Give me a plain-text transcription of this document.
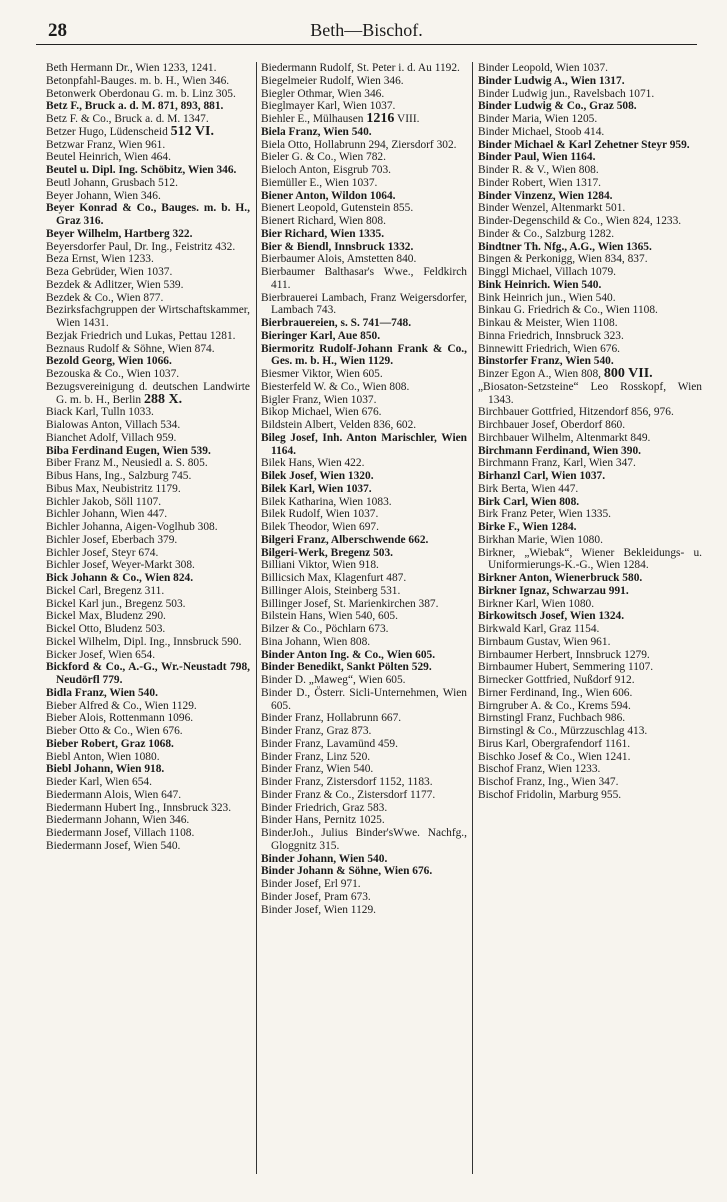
28	Beth—Bischof.
Beth Hermann Dr., Wien 1233, 1241.
Betonpfahl-Bauges. m. b. H., Wien 346.
Betonwerk Oberdonau G. m. b. Linz 305.
Betz F., Bruck a. d. M. 871, 893, 881.
Betz F. & Co., Bruck a. d. M. 1347.
Betzer Hugo, Lüdenscheid 512 VI.
Betzwar Franz, Wien 961.
Beutel Heinrich, Wien 464.
Beutel u. Dipl. Ing. Schöbitz, Wien 346.
Beutl Johann, Grusbach 512.
Beyer Johann, Wien 346.
Beyer Konrad & Co., Bauges. m. b. H., Graz 316.
Beyer Wilhelm, Hartberg 322.
Beyersdorfer Paul, Dr. Ing., Feistritz 432.
Beza Ernst, Wien 1233.
Beza Gebrüder, Wien 1037.
Bezdek & Adlitzer, Wien 539.
Bezdek & Co., Wien 877.
Bezirksfachgruppen der Wirtschaftskammer, Wien 1431.
Bezjak Friedrich und Lukas, Pettau 1281.
Beznaus Rudolf & Söhne, Wien 874.
Bezold Georg, Wien 1066.
Bezouska & Co., Wien 1037.
Bezugsvereinigung d. deutschen Landwirte G. m. b. H., Berlin 288 X.
Biack Karl, Tulln 1033.
Bialowas Anton, Villach 534.
Bianchet Adolf, Villach 959.
Biba Ferdinand Eugen, Wien 539.
Biber Franz M., Neusiedl a. S. 805.
Bibus Hans, Ing., Salzburg 745.
Bibus Max, Neubistritz 1179.
Bichler Jakob, Söll 1107.
Bichler Johann, Wien 447.
Bichler Johanna, Aigen-Voglhub 308.
Bichler Josef, Eberbach 379.
Bichler Josef, Steyr 674.
Bichler Josef, Weyer-Markt 308.
Bick Johann & Co., Wien 824.
Bickel Carl, Bregenz 311.
Bickel Karl jun., Bregenz 503.
Bickel Max, Bludenz 290.
Bickel Otto, Bludenz 503.
Bickel Wilhelm, Dipl. Ing., Innsbruck 590.
Bicker Josef, Wien 654.
Bickford & Co., A.-G., Wr.-Neustadt 798, Neudörfl 779.
Bidla Franz, Wien 540.
Bieber Alfred & Co., Wien 1129.
Bieber Alois, Rottenmann 1096.
Bieber Otto & Co., Wien 676.
Bieber Robert, Graz 1068.
Biebl Anton, Wien 1080.
Biebl Johann, Wien 918.
Bieder Karl, Wien 654.
Biedermann Alois, Wien 647.
Biedermann Hubert Ing., Innsbruck 323.
Biedermann Johann, Wien 346.
Biedermann Josef, Villach 1108.
Biedermann Josef, Wien 540.
Biedermann Rudolf, St. Peter i. d. Au 1192.
Biegelmeier Rudolf, Wien 346.
Biegler Othmar, Wien 346.
Bieglmayer Karl, Wien 1037.
Biehler E., Mülhausen 1216 VIII.
Biela Franz, Wien 540.
Biela Otto, Hollabrunn 294, Ziersdorf 302.
Bieler G. & Co., Wien 782.
Bieloch Anton, Eisgrub 703.
Biemüller E., Wien 1037.
Biener Anton, Wildon 1064.
Bienert Leopold, Gutenstein 855.
Bienert Richard, Wien 808.
Bier Richard, Wien 1335.
Bier & Biendl, Innsbruck 1332.
Bierbaumer Alois, Amstetten 840.
Bierbaumer Balthasar's Wwe., Feldkirch 411.
Bierbrauerei Lambach, Franz Weigersdorfer, Lambach 743.
Bierbrauereien, s. S. 741—748.
Bieringer Karl, Aue 850.
Biermoritz Rudolf-Johann Frank & Co., Ges. m. b. H., Wien 1129.
Biesmer Viktor, Wien 605.
Biesterfeld W. & Co., Wien 808.
Bigler Franz, Wien 1037.
Bikop Michael, Wien 676.
Bildstein Albert, Velden 836, 602.
Bileg Josef, Inh. Anton Marischler, Wien 1164.
Bilek Hans, Wien 422.
Bilek Josef, Wien 1320.
Bilek Karl, Wien 1037.
Bilek Katharina, Wien 1083.
Bilek Rudolf, Wien 1037.
Bilek Theodor, Wien 697.
Bilgeri Franz, Alberschwende 662.
Bilgeri-Werk, Bregenz 503.
Billiani Viktor, Wien 918.
Billicsich Max, Klagenfurt 487.
Billinger Alois, Steinberg 531.
Billinger Josef, St. Marienkirchen 387.
Bilstein Hans, Wien 540, 605.
Bilzer & Co., Pöchlarn 673.
Bina Johann, Wien 808.
Binder Anton Ing. & Co., Wien 605.
Binder Benedikt, Sankt Pölten 529.
Binder D. „Maweg“, Wien 605.
Binder D., Österr. Sicli-Unternehmen, Wien 605.
Binder Franz, Hollabrunn 667.
Binder Franz, Graz 873.
Binder Franz, Lavamünd 459.
Binder Franz, Linz 520.
Binder Franz, Wien 540.
Binder Franz, Zistersdorf 1152, 1183.
Binder Franz & Co., Zistersdorf 1177.
Binder Friedrich, Graz 583.
Binder Hans, Pernitz 1025.
BinderJoh., Julius Binder'sWwe. Nachfg., Gloggnitz 315.
Binder Johann, Wien 540.
Binder Johann & Söhne, Wien 676.
Binder Josef, Erl 971.
Binder Josef, Pram 673.
Binder Josef, Wien 1129.
Binder Leopold, Wien 1037.
Binder Ludwig A., Wien 1317.
Binder Ludwig jun., Ravelsbach 1071.
Binder Ludwig & Co., Graz 508.
Binder Maria, Wien 1205.
Binder Michael, Stoob 414.
Binder Michael & Karl Zehetner Steyr 959.
Binder Paul, Wien 1164.
Binder R. & V., Wien 808.
Binder Robert, Wien 1317.
Binder Vinzenz, Wien 1284.
Binder Wenzel, Altenmarkt 501.
Binder-Degenschild & Co., Wien 824, 1233.
Binder & Co., Salzburg 1282.
Bindtner Th. Nfg., A.G., Wien 1365.
Bingen & Perkonigg, Wien 834, 837.
Binggl Michael, Villach 1079.
Bink Heinrich. Wien 540.
Bink Heinrich jun., Wien 540.
Binkau G. Friedrich & Co., Wien 1108.
Binkau & Meister, Wien 1108.
Binna Friedrich, Innsbruck 323.
Binnewitt Friedrich, Wien 676.
Binstorfer Franz, Wien 540.
Binzer Egon A., Wien 808, 800 VII.
„Biosaton-Setzsteine“ Leo Rosskopf, Wien 1343.
Birchbauer Gottfried, Hitzendorf 856, 976.
Birchbauer Josef, Oberdorf 860.
Birchbauer Wilhelm, Altenmarkt 849.
Birchmann Ferdinand, Wien 390.
Birchmann Franz, Karl, Wien 347.
Birhanzl Carl, Wien 1037.
Birk Berta, Wien 447.
Birk Carl, Wien 808.
Birk Franz Peter, Wien 1335.
Birke F., Wien 1284.
Birkhan Marie, Wien 1080.
Birkner, „Wiebak“, Wiener Bekleidungs- u. Uniformierungs-K.-G., Wien 1284.
Birkner Anton, Wienerbruck 580.
Birkner Ignaz, Schwarzau 991.
Birkner Karl, Wien 1080.
Birkowitsch Josef, Wien 1324.
Birkwald Karl, Graz 1154.
Birnbaum Gustav, Wien 961.
Birnbaumer Herbert, Innsbruck 1279.
Birnbaumer Hubert, Semmering 1107.
Birnecker Gottfried, Nußdorf 912.
Birner Ferdinand, Ing., Wien 606.
Birngruber A. & Co., Krems 594.
Birnstingl Franz, Fuchbach 986.
Birnstingl & Co., Mürzzuschlag 413.
Birus Karl, Obergrafendorf 1161.
Bischko Josef & Co., Wien 1241.
Bischof Franz, Wien 1233.
Bischof Franz, Ing., Wien 347.
Bischof Fridolin, Marburg 955.
